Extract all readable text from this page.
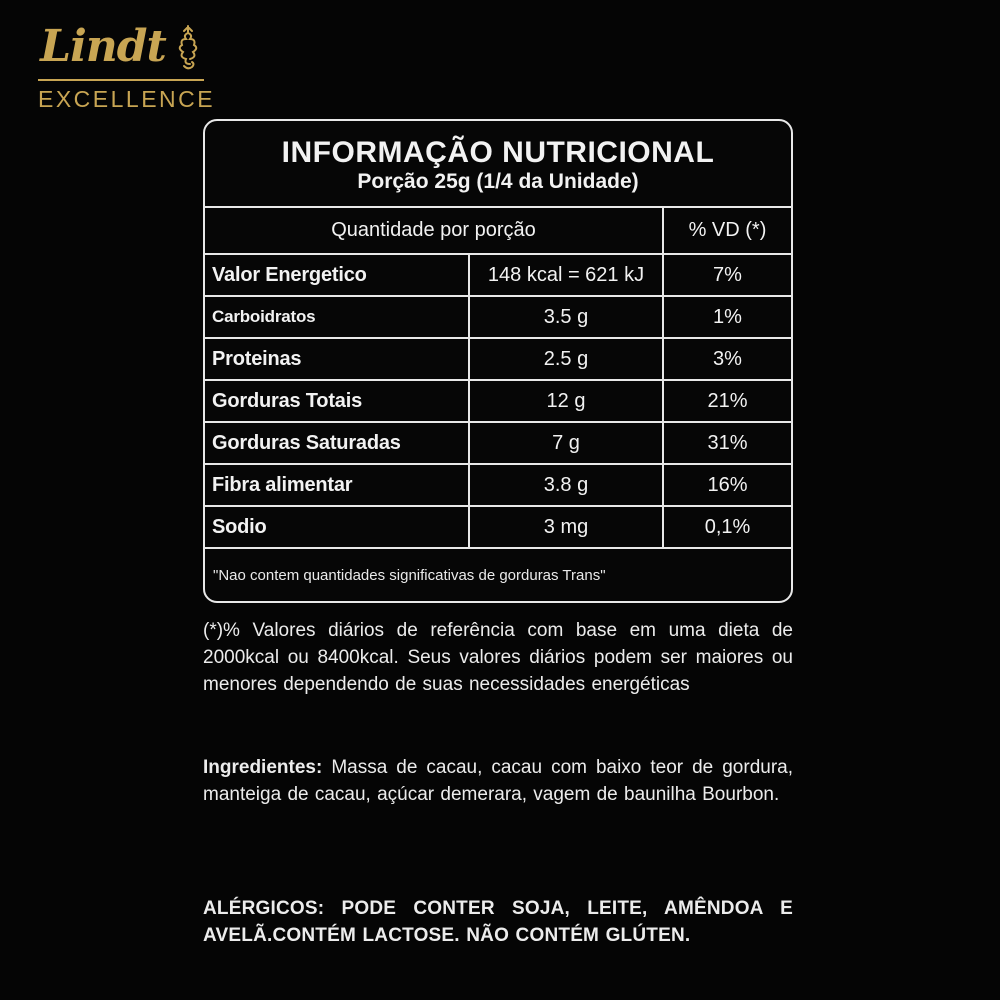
Lindt
EXCELLENCE
INFORMAÇÃO NUTRICIONAL
Porção 25g (1/4 da Unidade)
Quantidade por porção	% VD (*)
Valor Energetico	148 kcal = 621 kJ	7%
Carboidratos	3.5 g	1%
Proteinas	2.5 g	3%
Gorduras Totais	12 g	21%
Gorduras Saturadas	7 g	31%
Fibra alimentar	3.8 g	16%
Sodio	3 mg	0,1%
"Nao contem quantidades significativas de gorduras Trans"

(*)% Valores diários de referência com base em uma dieta de 2000kcal ou 8400kcal. Seus valores diários podem ser maiores ou menores dependendo de suas necessidades energéticas

Ingredientes: Massa de cacau, cacau com baixo teor de gordura, manteiga de cacau, açúcar demerara, vagem de baunilha Bourbon.

ALÉRGICOS: PODE CONTER SOJA, LEITE, AMÊNDOA E AVELÃ.CONTÉM LACTOSE. NÃO CONTÉM GLÚTEN.
